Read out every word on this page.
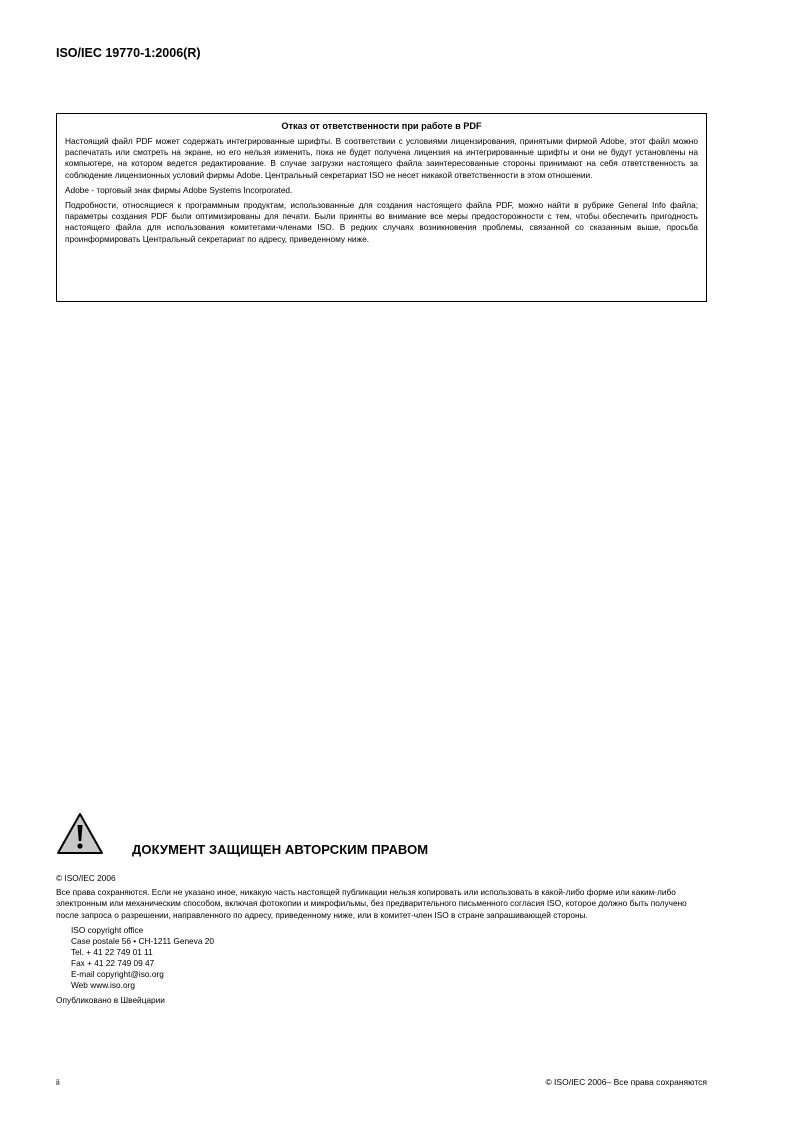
ISO/IEC 19770-1:2006(R)
Отказ от ответственности при работе в PDF

Настоящий файл PDF может содержать интегрированные шрифты. В соответствии с условиями лицензирования, принятыми фирмой Adobe, этот файл можно распечатать или смотреть на экране, но его нельзя изменить, пока не будет получена лицензия на интегрированные шрифты и они не будут установлены на компьютере, на котором ведется редактирование. В случае загрузки настоящего файла заинтересованные стороны принимают на себя ответственность за соблюдение лицензионных условий фирмы Adobe. Центральный секретариат ISO не несет никакой ответственности в этом отношении.

Adobe - торговый знак фирмы Adobe Systems Incorporated.

Подробности, относящиеся к программным продуктам, использованные для создания настоящего файла PDF, можно найти в рубрике General Info файла; параметры создания PDF были оптимизированы для печати. Были приняты во внимание все меры предосторожности с тем, чтобы обеспечить пригодность настоящего файла для использования комитетами-членами ISO. В редких случаях возникновения проблемы, связанной со сказанным выше, просьба проинформировать Центральный секретариат по адресу, приведенному ниже.

ДОКУМЕНТ ЗАЩИЩЕН АВТОРСКИМ ПРАВОМ
© ISO/IEC 2006
Все права сохраняются. Если не указано иное, никакую часть настоящей публикации нельзя копировать или использовать в какой-либо форме или каким-либо электронным или механическим способом, включая фотокопии и микрофильмы, без предварительного письменного согласия ISO, которое должно быть получено после запроса о разрешении, направленного по адресу, приведенному ниже, или в комитет-член ISO в стране запрашивающей стороны.
ISO copyright office
Case postale 56 • CH-1211 Geneva 20
Tel. + 41 22 749 01 11
Fax + 41 22 749 09 47
E-mail copyright@iso.org
Web www.iso.org
Опубликовано в Швейцарии
ii	© ISO/IEC 2006– Все права сохраняются
